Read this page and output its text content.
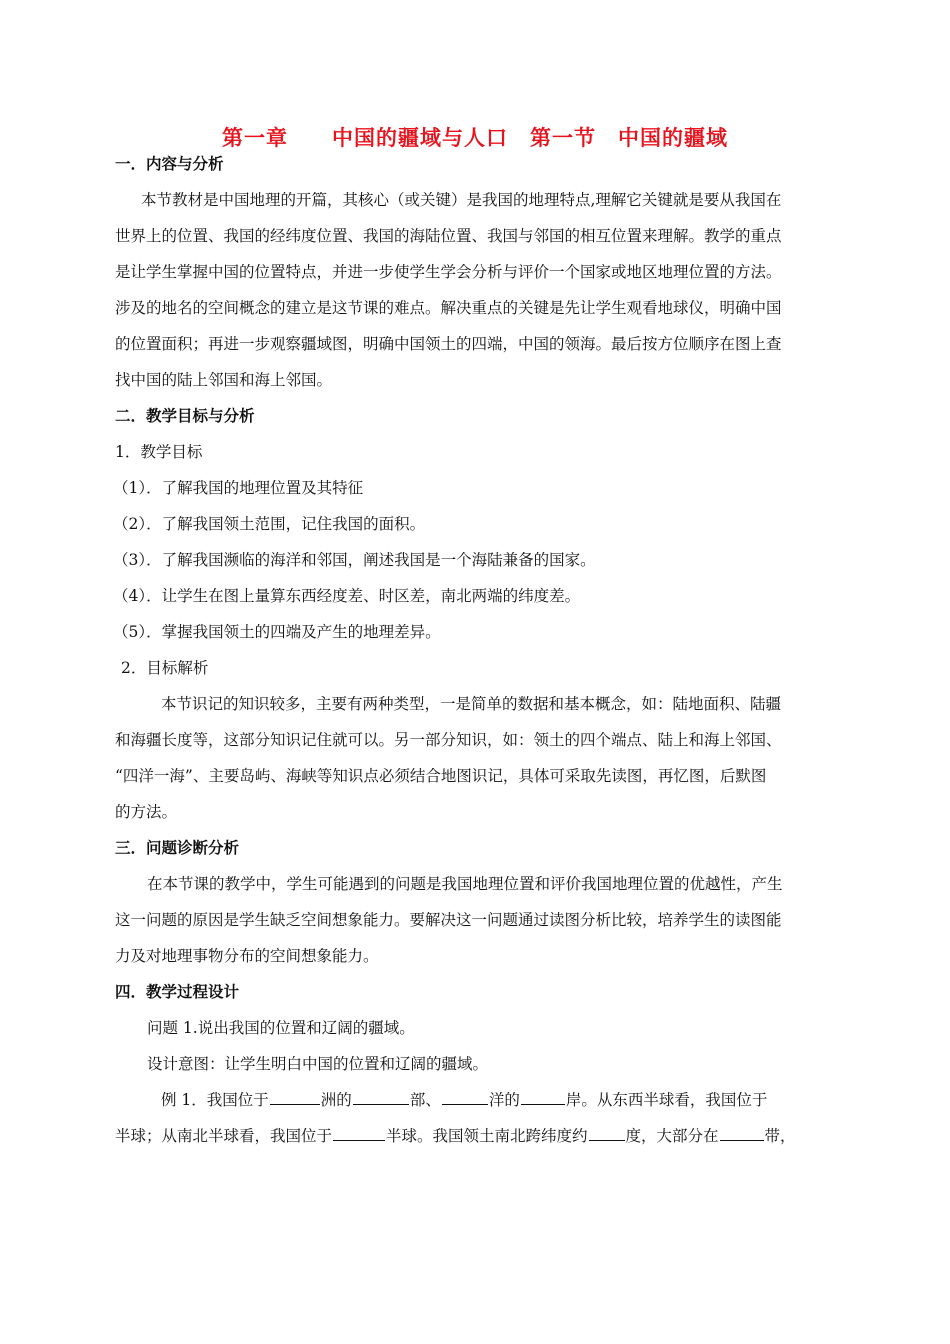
第一章　　中国的疆域与人口　第一节　中国的疆域
一．内容与分析
本节教材是中国地理的开篇，其核心（或关键）是我国的地理特点,理解它关键就是要从我国在
世界上的位置、我国的经纬度位置、我国的海陆位置、我国与邻国的相互位置来理解。教学的重点
是让学生掌握中国的位置特点，并进一步使学生学会分析与评价一个国家或地区地理位置的方法。
涉及的地名的空间概念的建立是这节课的难点。解决重点的关键是先让学生观看地球仪，明确中国
的位置面积；再进一步观察疆域图，明确中国领土的四端，中国的领海。最后按方位顺序在图上查
找中国的陆上邻国和海上邻国。
二．教学目标与分析
1．教学目标
（1）．了解我国的地理位置及其特征
（2）．了解我国领土范围，记住我国的面积。
（3）．了解我国濒临的海洋和邻国，阐述我国是一个海陆兼备的国家。
（4）．让学生在图上量算东西经度差、时区差，南北两端的纬度差。
（5）．掌握我国领土的四端及产生的地理差异。
2．目标解析
本节识记的知识较多，主要有两种类型，一是简单的数据和基本概念，如：陆地面积、陆疆
和海疆长度等，这部分知识记住就可以。另一部分知识，如：领土的四个端点、陆上和海上邻国、
“四洋一海”、主要岛屿、海峡等知识点必须结合地图识记，具体可采取先读图，再忆图，后默图
的方法。
三．问题诊断分析
在本节课的教学中，学生可能遇到的问题是我国地理位置和评价我国地理位置的优越性，产生
这一问题的原因是学生缺乏空间想象能力。要解决这一问题通过读图分析比较，培养学生的读图能
力及对地理事物分布的空间想象能力。
四．教学过程设计
问题 1.说出我国的位置和辽阔的疆域。
设计意图：让学生明白中国的位置和辽阔的疆域。
例 1．我国位于	洲的	部、	洋的	岸。从东西半球看，我国位于
半球；从南北半球看，我国位于	半球。我国领土南北跨纬度约 度，大部分在	带，
